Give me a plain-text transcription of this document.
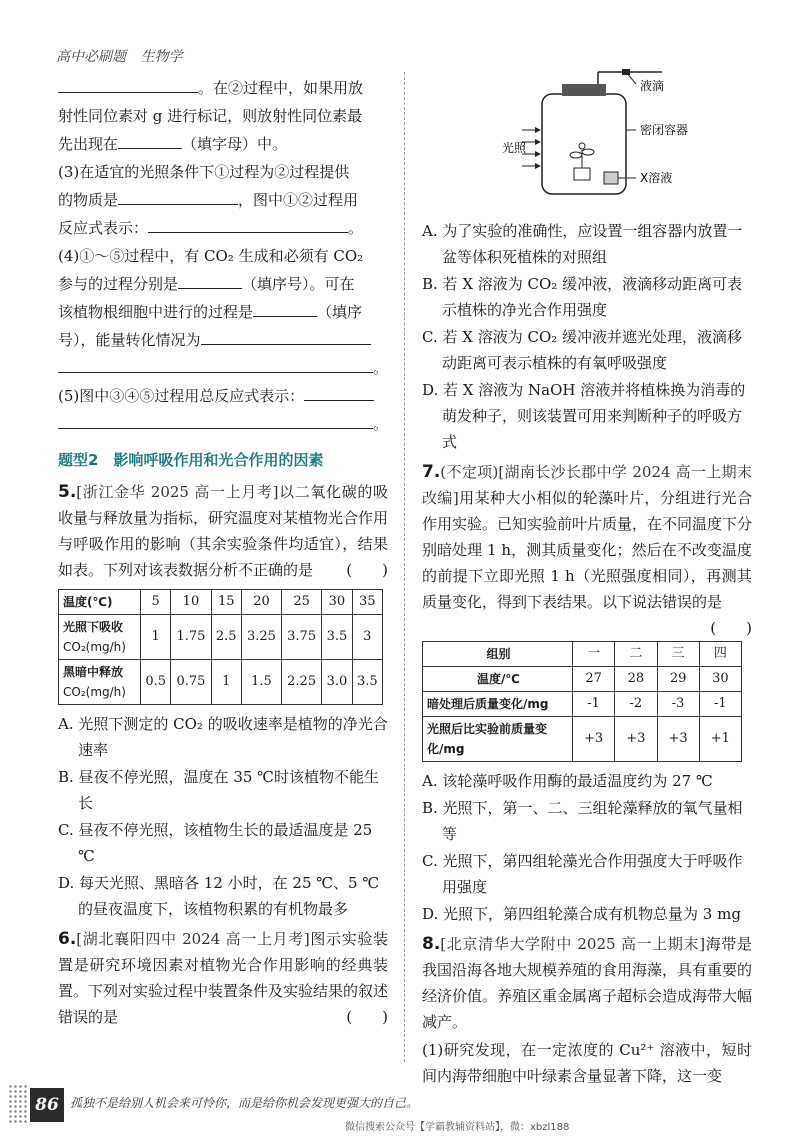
高中必刷题 生物学
。在②过程中，如果用放
射性同位素对 g 进行标记，则放射性同位素最
先出现在	（填字母）中。
(3)在适宜的光照条件下①过程为②过程提供
的物质是	，图中①②过程用
反应式表示：	。
(4)①～⑤过程中，有 CO₂ 生成和必须有 CO₂
参与的过程分别是	（填序号）。可在
该植物根细胞中进行的过程是	（填序
号），能量转化情况为
。
(5)图中③④⑤过程用总反应式表示：
。
题型2　影响呼吸作用和光合作用的因素
5.[浙江金华 2025 高一上月考]以二氧化碳的吸收量与释放量为指标，研究温度对某植物光合作用与呼吸作用的影响（其余实验条件均适宜），结果如表。下列对该表数据分析不正确的是 (　　)
温度(℃)	5	10	15	20	25	30	35

光照下吸收
CO₂(mg/h)	1	1.75	2.5	3.25	3.75	3.5	3

黑暗中释放
CO₂(mg/h)	0.5	0.75	1	1.5	2.25	3.0	3.5
A. 光照下测定的 CO₂ 的吸收速率是植物的净光合速率
B. 昼夜不停光照，温度在 35 ℃时该植物不能生长
C. 昼夜不停光照，该植物生长的最适温度是 25 ℃
D. 每天光照、黑暗各 12 小时，在 25 ℃、5 ℃的昼夜温度下，该植物积累的有机物最多
6.[湖北襄阳四中 2024 高一上月考]图示实验装置是研究环境因素对植物光合作用影响的经典装置。下列对实验过程中装置条件及实验结果的叙述错误的是	(　　)
液滴
密闭容器
X溶液
光照
A. 为了实验的准确性，应设置一组容器内放置一盆等体积死植株的对照组
B. 若 X 溶液为 CO₂ 缓冲液，液滴移动距离可表示植株的净光合作用强度
C. 若 X 溶液为 CO₂ 缓冲液并遮光处理，液滴移动距离可表示植株的有氧呼吸强度
D. 若 X 溶液为 NaOH 溶液并将植株换为消毒的萌发种子，则该装置可用来判断种子的呼吸方式
7.(不定项)[湖南长沙长郡中学 2024 高一上期末改编]用某种大小相似的轮藻叶片，分组进行光合作用实验。已知实验前叶片质量，在不同温度下分别暗处理 1 h，测其质量变化；然后在不改变温度的前提下立即光照 1 h（光照强度相同），再测其质量变化，得到下表结果。以下说法错误的是
(　　)
组别	一	二	三	四
温度/℃	27	28	29	30
暗处理后质量变化/mg	-1	-2	-3	-1
光照后比实验前质量变化/mg	+3	+3	+3	+1
A. 该轮藻呼吸作用酶的最适温度约为 27 ℃
B. 光照下，第一、二、三组轮藻释放的氧气量相等
C. 光照下，第四组轮藻光合作用强度大于呼吸作用强度
D. 光照下，第四组轮藻合成有机物总量为 3 mg
8.[北京清华大学附中 2025 高一上期末]海带是我国沿海各地大规模养殖的食用海藻，具有重要的经济价值。养殖区重金属离子超标会造成海带大幅减产。
(1)研究发现，在一定浓度的 Cu²⁺ 溶液中，短时间内海带细胞中叶绿素含量显著下降，这一变
86 孤独不是给别人机会来可怜你，而是给你机会发现更强大的自己。
微信搜索公众号【学霸教辅资料站】，微：xbzl188
